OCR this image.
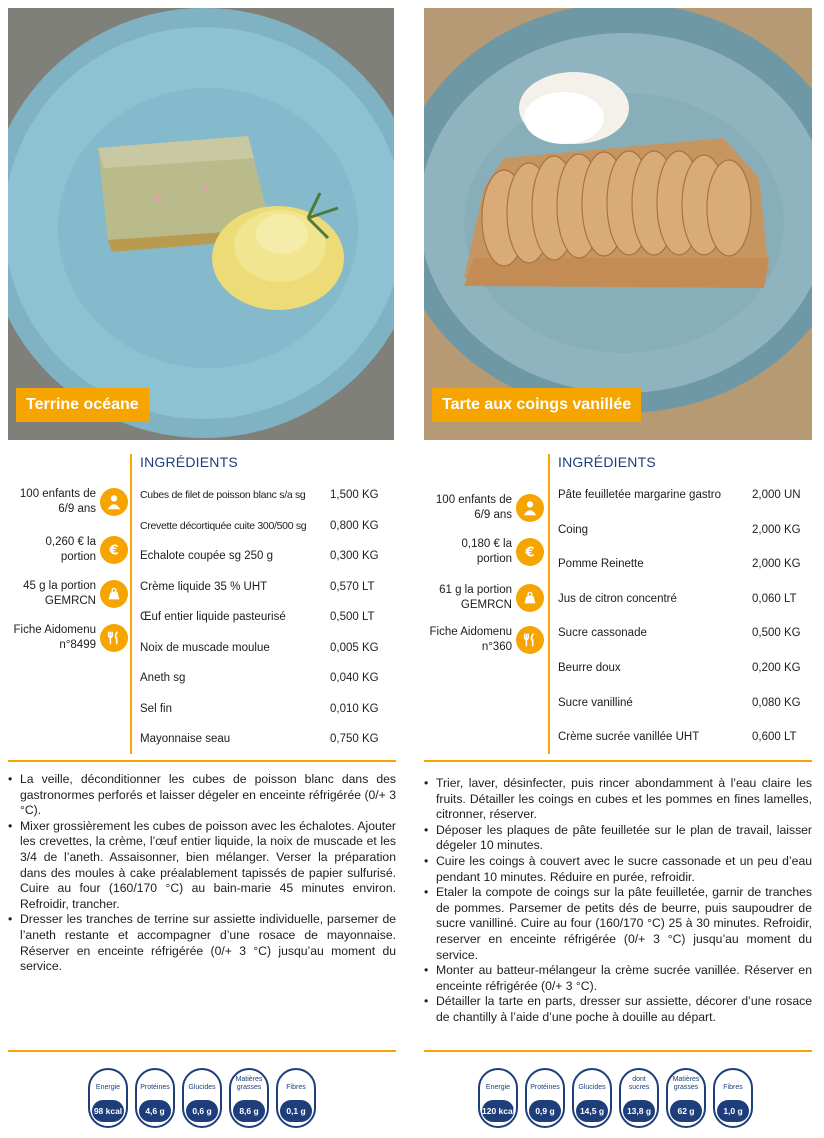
Terrine océane
INGRÉDIENTS
100 enfants de
6/9 ans
0,260 € la
portion €
45 g la portion
GEMRCN
Fiche Aidomenu
n°8499
Cubes de filet de poisson blanc s/a sg 1,500 KG
Crevette décortiquée cuite 300/500 sg 0,800 KG
Echalote coupée sg 250 g	0,300 KG
Crème liquide 35 % UHT	0,570 LT
Œuf entier liquide pasteurisé	0,500 LT
Noix de muscade moulue	0,005 KG
Aneth sg	0,040 KG
Sel fin	0,010 KG
Mayonnaise seau	0,750 KG
• La veille, déconditionner les cubes de poisson blanc dans des gastronormes perforés et laisser dégeler en enceinte réfrigérée (0/+ 3 °C).
• Mixer grossièrement les cubes de poisson avec les échalotes. Ajouter les crevettes, la crème, l’œuf entier liquide, la noix de muscade et les 3/4 de l’aneth. Assaisonner, bien mélanger. Verser la préparation dans des moules à cake préalablement tapissés de papier sulfurisé. Cuire au four (160/170 °C) au bain-marie 45 minutes environ. Refroidir, trancher.
• Dresser les tranches de terrine sur assiette individuelle, parsemer de l’aneth restante et accompagner d’une rosace de mayonnaise. Réserver en enceinte réfrigérée (0/+ 3 °C) jusqu’au moment du service.
Energie
98 kcal
Protéines
4,6 g
Glucides
0,6 g
Matières grasses
8,6 g
Fibres
0,1 g
Tarte aux coings vanillée
INGRÉDIENTS
100 enfants de
6/9 ans
0,180 € la
portion €
61 g la portion
GEMRCN
Fiche Aidomenu
n°360
Pâte feuilletée margarine gastro	2,000 UN
Coing	2,000 KG
Pomme Reinette	2,000 KG
Jus de citron concentré	0,060 LT
Sucre cassonade	0,500 KG
Beurre doux	0,200 KG
Sucre vanilliné	0,080 KG
Crème sucrée vanillée UHT	0,600 LT
• Trier, laver, désinfecter, puis rincer abondamment à l’eau claire les fruits. Détailler les coings en cubes et les pommes en fines lamelles, citronner, réserver.
• Déposer les plaques de pâte feuilletée sur le plan de travail, laisser dégeler 10 minutes.
• Cuire les coings à couvert avec le sucre cassonade et un peu d’eau pendant 10 minutes. Réduire en purée, refroidir.
• Etaler la compote de coings sur la pâte feuilletée, garnir de tranches de pommes. Parsemer de petits dés de beurre, puis saupoudrer de sucre vanilliné. Cuire au four (160/170 °C) 25 à 30 minutes. Refroidir, reserver en enceinte réfrigérée (0/+ 3 °C) jusqu’au moment du service.
• Monter au batteur-mélangeur la crème sucrée vanillée. Réserver en enceinte réfrigérée (0/+ 3 °C).
• Détailler la tarte en parts, dresser sur assiette, décorer d’une rosace de chantilly à l’aide d’une poche à douille au départ.
Energie
120 kcal
Protéines
0,9 g
Glucides
14,5 g
dont sucres
13,8 g
Matières grasses
62 g
Fibres
1,0 g
